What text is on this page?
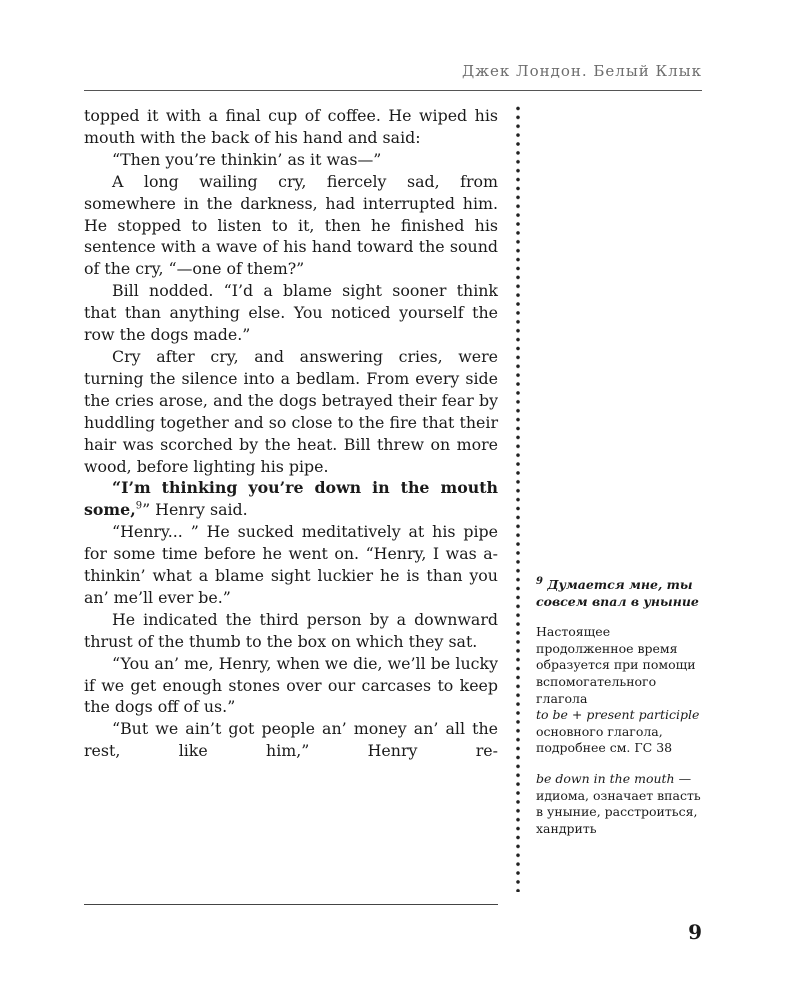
Джек Лондон. Белый Клык

topped it with a final cup of coffee. He wiped his mouth with the back of his hand and said:

“Then you’re thinkin’ as it was—”

A long wailing cry, fiercely sad, from somewhere in the darkness, had interrupted him. He stopped to listen to it, then he finished his sentence with a wave of his hand toward the sound of the cry, “—one of them?”

Bill nodded. “I’d a blame sight sooner think that than anything else. You noticed yourself the row the dogs made.”

Cry after cry, and answering cries, were turning the silence into a bedlam. From every side the cries arose, and the dogs betrayed their fear by huddling together and so close to the fire that their hair was scorched by the heat. Bill threw on more wood, before lighting his pipe.

“I’m thinking you’re down in the mouth some,$^9$” Henry said.

“Henry... ” He sucked meditatively at his pipe for some time before he went on. “Henry, I was a-thinkin’ what a blame sight luckier he is than you an’ me’ll ever be.”

He indicated the third person by a downward thrust of the thumb to the box on which they sat.

“You an’ me, Henry, when we die, we’ll be lucky if we get enough stones over our carcases to keep the dogs off of us.”

“But we ain’t got people an’ money an’ all the rest, like him,” Henry re-

$^9$ Думается мне, ты совсем впал в уныние
Настоящее продолженное время образуется при помощи вспомогательного глагола
to be + present participle
основного глагола, подробнее см. ГС 38
be down in the mouth — идиома, означает впасть в уныние, расстроиться, хандрить
9
